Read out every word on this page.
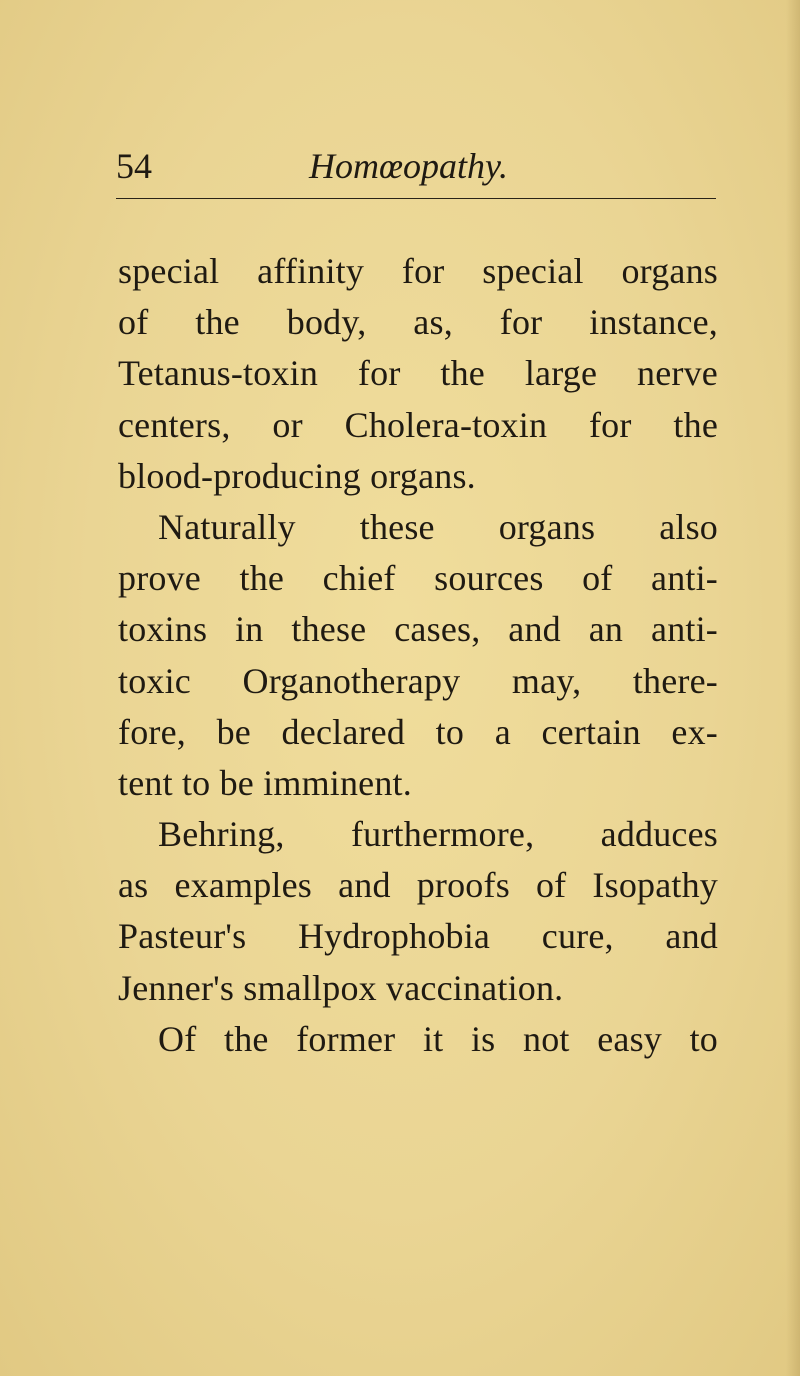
54	Homœopathy.
special affinity for special organs
of the body, as, for instance,
Tetanus-toxin for the large nerve
centers, or Cholera-toxin for the
blood-producing organs.
Naturally these organs also
prove the chief sources of anti-
toxins in these cases, and an anti-
toxic Organotherapy may, there-
fore, be declared to a certain ex-
tent to be imminent.
Behring, furthermore, adduces
as examples and proofs of Isopathy
Pasteur's Hydrophobia cure, and
Jenner's smallpox vaccination.
Of the former it is not easy to
